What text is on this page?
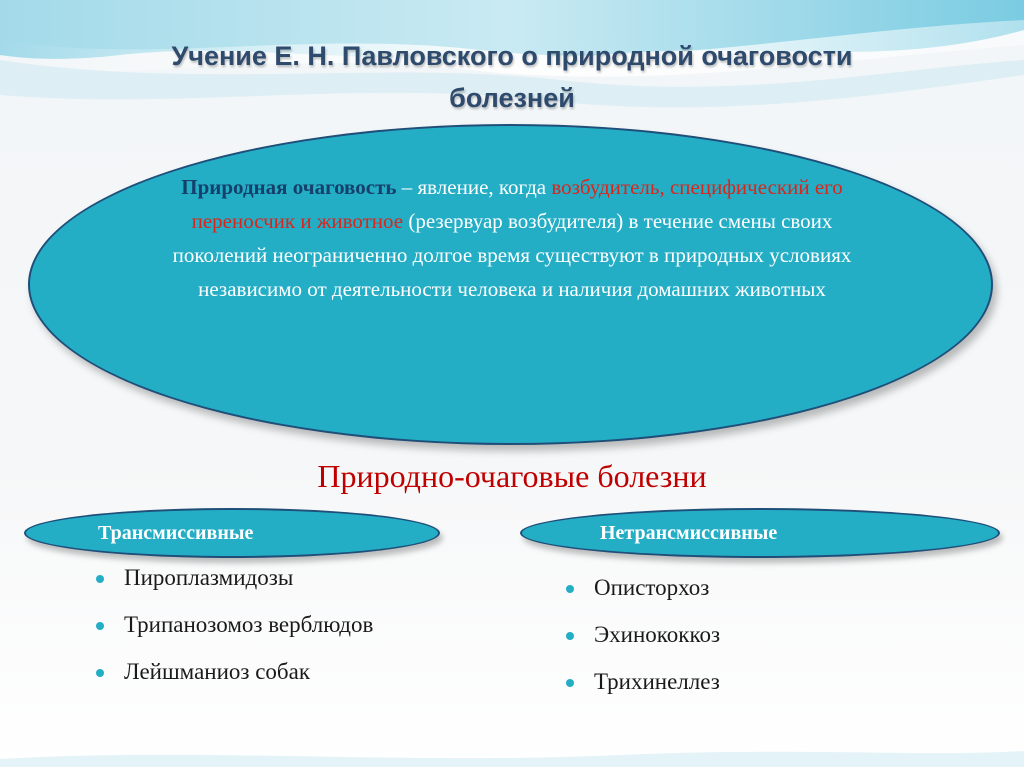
Учение Е. Н. Павловского о природной очаговости
болезней
Природная очаговость – явление, когда возбудитель, специфический его переносчик и животное (резервуар возбудителя) в течение смены своих поколений неограниченно долгое время существуют в природных условиях независимо от деятельности человека и наличия домашних животных
Природно-очаговые болезни
Трансмиссивные	Нетрансмиссивные
Пироплазмидозы
Трипанозомоз верблюдов
Лейшманиоз собак
Описторхоз
Эхинококкоз
Трихинеллез
